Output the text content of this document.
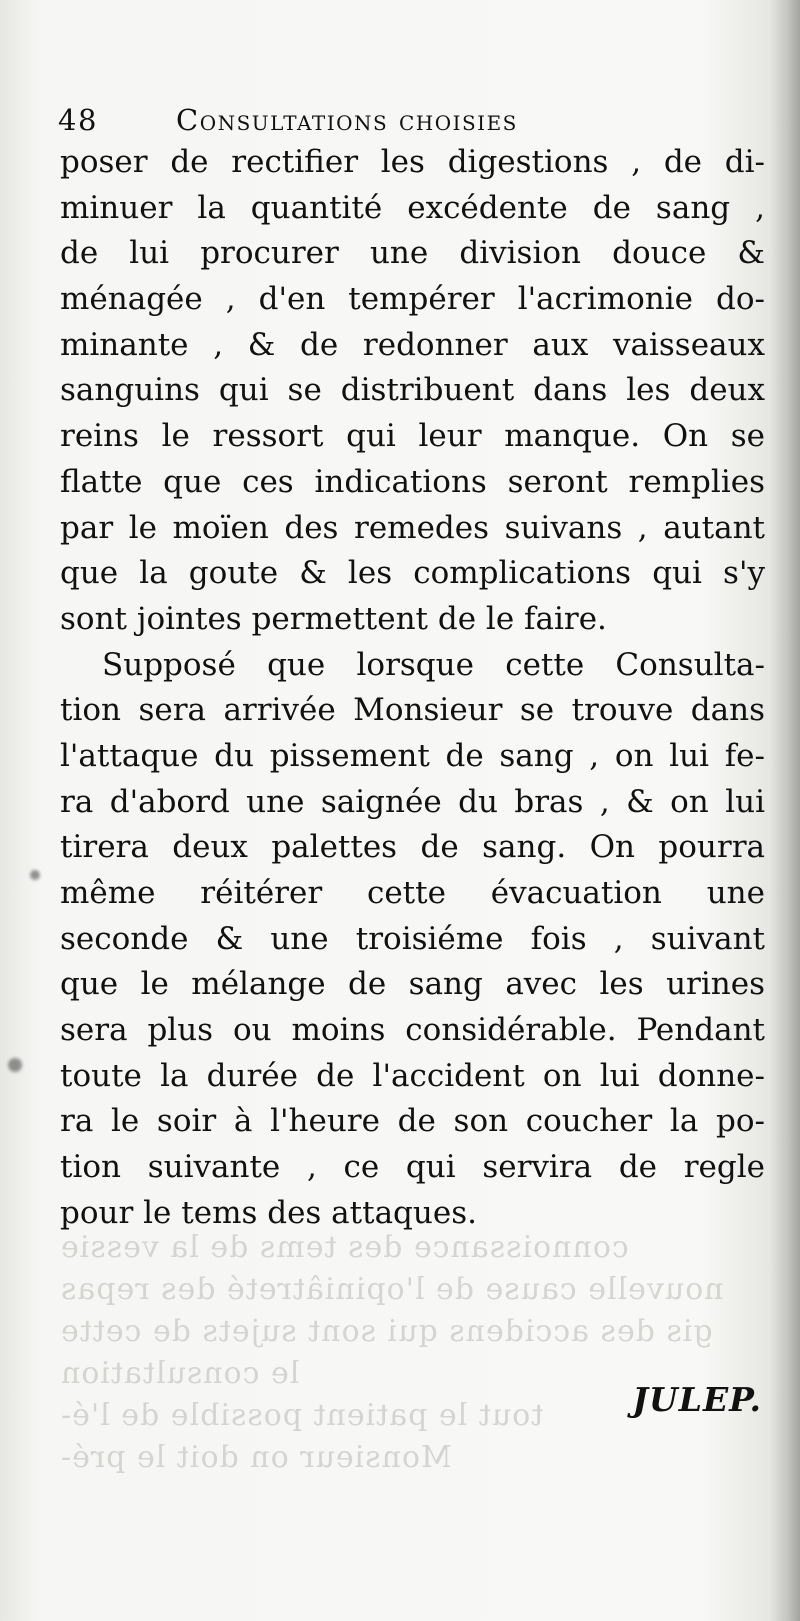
connoissance des tems de la vessie
nouvelle cause de l'opiniâtreté des repas
gis des accidens qui sont sujets de cette
le consultation
tout le patient possible de l'é-
Monsieur on doit le pré-
48	Consultations choisies
poser de rectifier les digestions , de di-
minuer la quantité excédente de sang ,
de lui procurer une division douce &
ménagée , d'en tempérer l'acrimonie do-
minante , & de redonner aux vaisseaux
sanguins qui se distribuent dans les deux
reins le ressort qui leur manque. On se
flatte que ces indications seront remplies
par le moïen des remedes suivans , autant
que la goute & les complications qui s'y
sont jointes permettent de le faire.
Supposé que lorsque cette Consulta-
tion sera arrivée Monsieur se trouve dans
l'attaque du pissement de sang , on lui fe-
ra d'abord une saignée du bras , & on lui
tirera deux palettes de sang. On pourra
même réitérer cette évacuation une
seconde & une troisiéme fois , suivant
que le mélange de sang avec les urines
sera plus ou moins considérable. Pendant
toute la durée de l'accident on lui donne-
ra le soir à l'heure de son coucher la po-
tion suivante , ce qui servira de regle
pour le tems des attaques.
JULEP.
